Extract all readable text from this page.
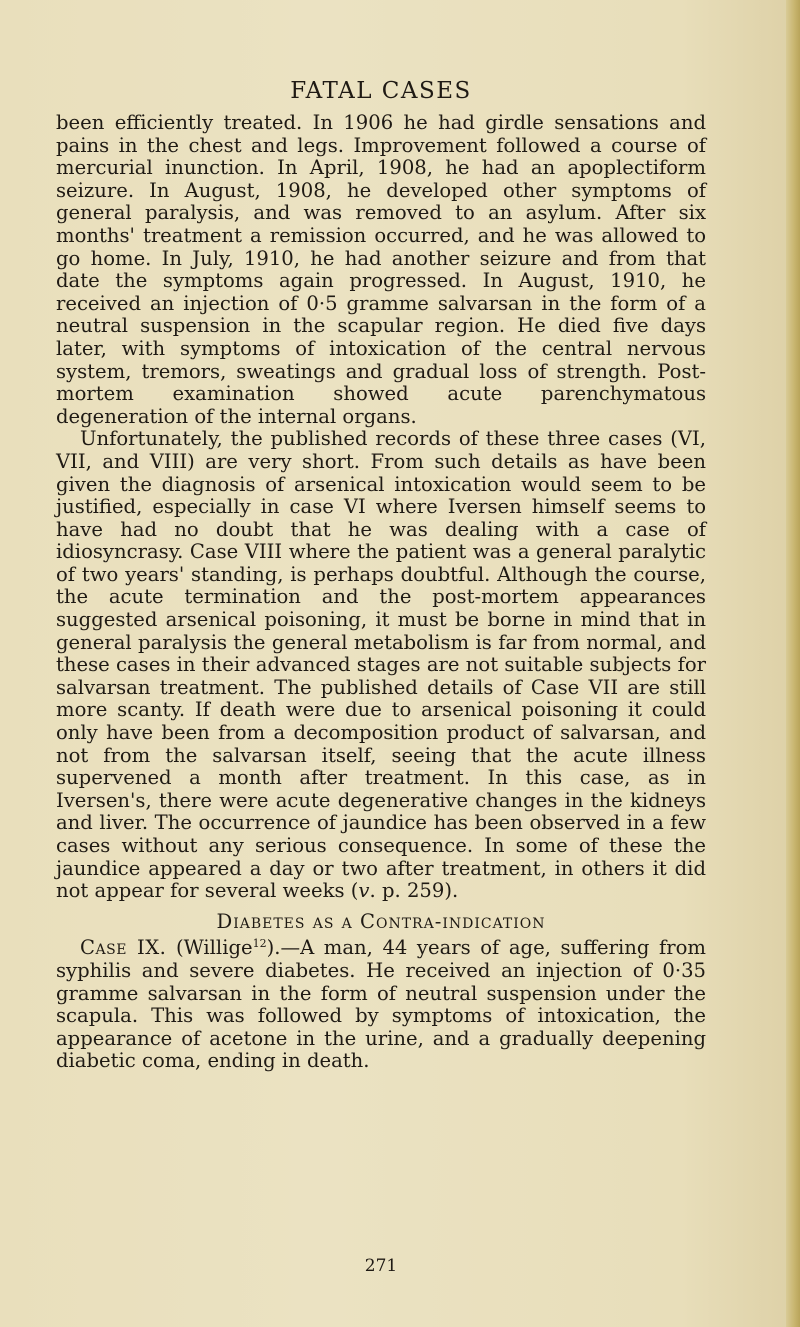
FATAL CASES

been efficiently treated. In 1906 he had girdle sensations and pains in the chest and legs. Improvement followed a course of mercurial inunction. In April, 1908, he had an apoplectiform seizure. In August, 1908, he developed other symptoms of general paralysis, and was removed to an asylum. After six months' treatment a remission occurred, and he was allowed to go home. In July, 1910, he had another seizure and from that date the symptoms again progressed. In August, 1910, he received an injection of 0·5 gramme salvarsan in the form of a neutral suspension in the scapular region. He died five days later, with symptoms of intoxication of the central nervous system, tremors, sweatings and gradual loss of strength. Post-mortem examination showed acute parenchymatous degeneration of the internal organs.

Unfortunately, the published records of these three cases (VI, VII, and VIII) are very short. From such details as have been given the diagnosis of arsenical intoxication would seem to be justified, especially in case VI where Iversen himself seems to have had no doubt that he was dealing with a case of idiosyncrasy. Case VIII where the patient was a general paralytic of two years' standing, is perhaps doubtful. Although the course, the acute termination and the post-mortem appearances suggested arsenical poisoning, it must be borne in mind that in general paralysis the general metabolism is far from normal, and these cases in their advanced stages are not suitable subjects for salvarsan treatment. The published details of Case VII are still more scanty. If death were due to arsenical poisoning it could only have been from a decomposition product of salvarsan, and not from the salvarsan itself, seeing that the acute illness supervened a month after treatment. In this case, as in Iversen's, there were acute degenerative changes in the kidneys and liver. The occurrence of jaundice has been observed in a few cases without any serious consequence. In some of these the jaundice appeared a day or two after treatment, in others it did not appear for several weeks (v. p. 259).

Diabetes as a Contra-indication

Case IX. (Willige$^{12}$).—A man, 44 years of age, suffering from syphilis and severe diabetes. He received an injection of 0·35 gramme salvarsan in the form of neutral suspension under the scapula. This was followed by symptoms of intoxication, the appearance of acetone in the urine, and a gradually deepening diabetic coma, ending in death.

271
